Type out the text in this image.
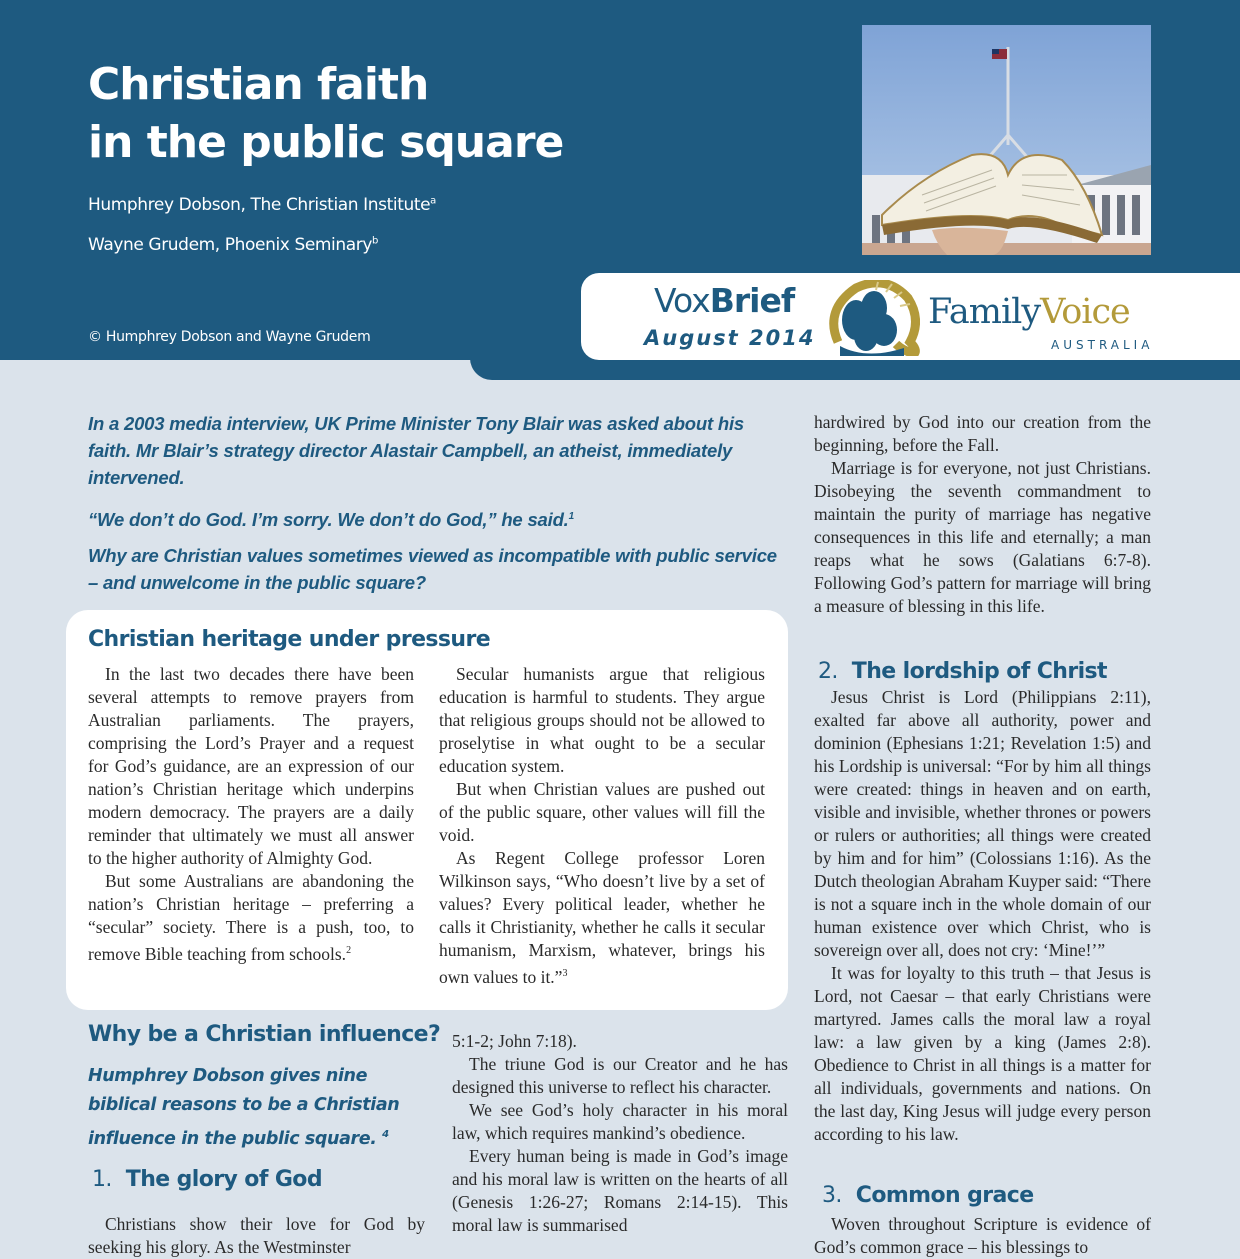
Christian faith
in the public square
Humphrey Dobson, The Christian Institute$^a$
Wayne Grudem, Phoenix Seminary$^b$
© Humphrey Dobson and Wayne Grudem
VoxBrief
August 2014
FamilyVoice
AUSTRALIA

In a 2003 media interview, UK Prime Minister Tony Blair was asked about his faith. Mr Blair’s strategy director Alastair Campbell, an atheist, immediately intervened.

“We don’t do God. I’m sorry. We don’t do God,” he said.$^1$

Why are Christian values sometimes viewed as incompatible with public service – and unwelcome in the public square?

Christian heritage under pressure

In the last two decades there have been several attempts to remove prayers from Australian parliaments. The prayers, comprising the Lord’s Prayer and a request for God’s guidance, are an expression of our nation’s Christian heritage which underpins modern democracy. The prayers are a daily reminder that ultimately we must all answer to the higher authority of Almighty God.

But some Australians are abandoning the nation’s Christian heritage – preferring a “secular” society. There is a push, too, to remove Bible teaching from schools.$^2$

Secular humanists argue that religious education is harmful to students. They argue that religious groups should not be allowed to proselytise in what ought to be a secular education system.

But when Christian values are pushed out of the public square, other values will fill the void.

As Regent College professor Loren Wilkinson says, “Who doesn’t live by a set of values? Every political leader, whether he calls it Christianity, whether he calls it secular humanism, Marxism, whatever, brings his own values to it.”$^3$

Why be a Christian influence?

Humphrey Dobson gives nine biblical reasons to be a Christian influence in the public square. $^4$

1. The glory of God

Christians show their love for God by seeking his glory. As the Westminster

5:1-2; John 7:18).

The triune God is our Creator and he has designed this universe to reflect his character.

We see God’s holy character in his moral law, which requires mankind’s obedience.

Every human being is made in God’s image and his moral law is written on the hearts of all (Genesis 1:26-27; Romans 2:14-15). This moral law is summarised

hardwired by God into our creation from the beginning, before the Fall.

Marriage is for everyone, not just Christians. Disobeying the seventh commandment to maintain the purity of marriage has negative consequences in this life and eternally; a man reaps what he sows (Galatians 6:7-8). Following God’s pattern for marriage will bring a measure of blessing in this life.

2. The lordship of Christ

Jesus Christ is Lord (Philippians 2:11), exalted far above all authority, power and dominion (Ephesians 1:21; Revelation 1:5) and his Lordship is universal: “For by him all things were created: things in heaven and on earth, visible and invisible, whether thrones or powers or rulers or authorities; all things were created by him and for him” (Colossians 1:16). As the Dutch theologian Abraham Kuyper said: “There is not a square inch in the whole domain of our human existence over which Christ, who is sovereign over all, does not cry: ‘Mine!’”

It was for loyalty to this truth – that Jesus is Lord, not Caesar – that early Christians were martyred. James calls the moral law a royal law: a law given by a king (James 2:8). Obedience to Christ in all things is a matter for all individuals, governments and nations. On the last day, King Jesus will judge every person according to his law.

3. Common grace

Woven throughout Scripture is evidence of God’s common grace – his blessings to
